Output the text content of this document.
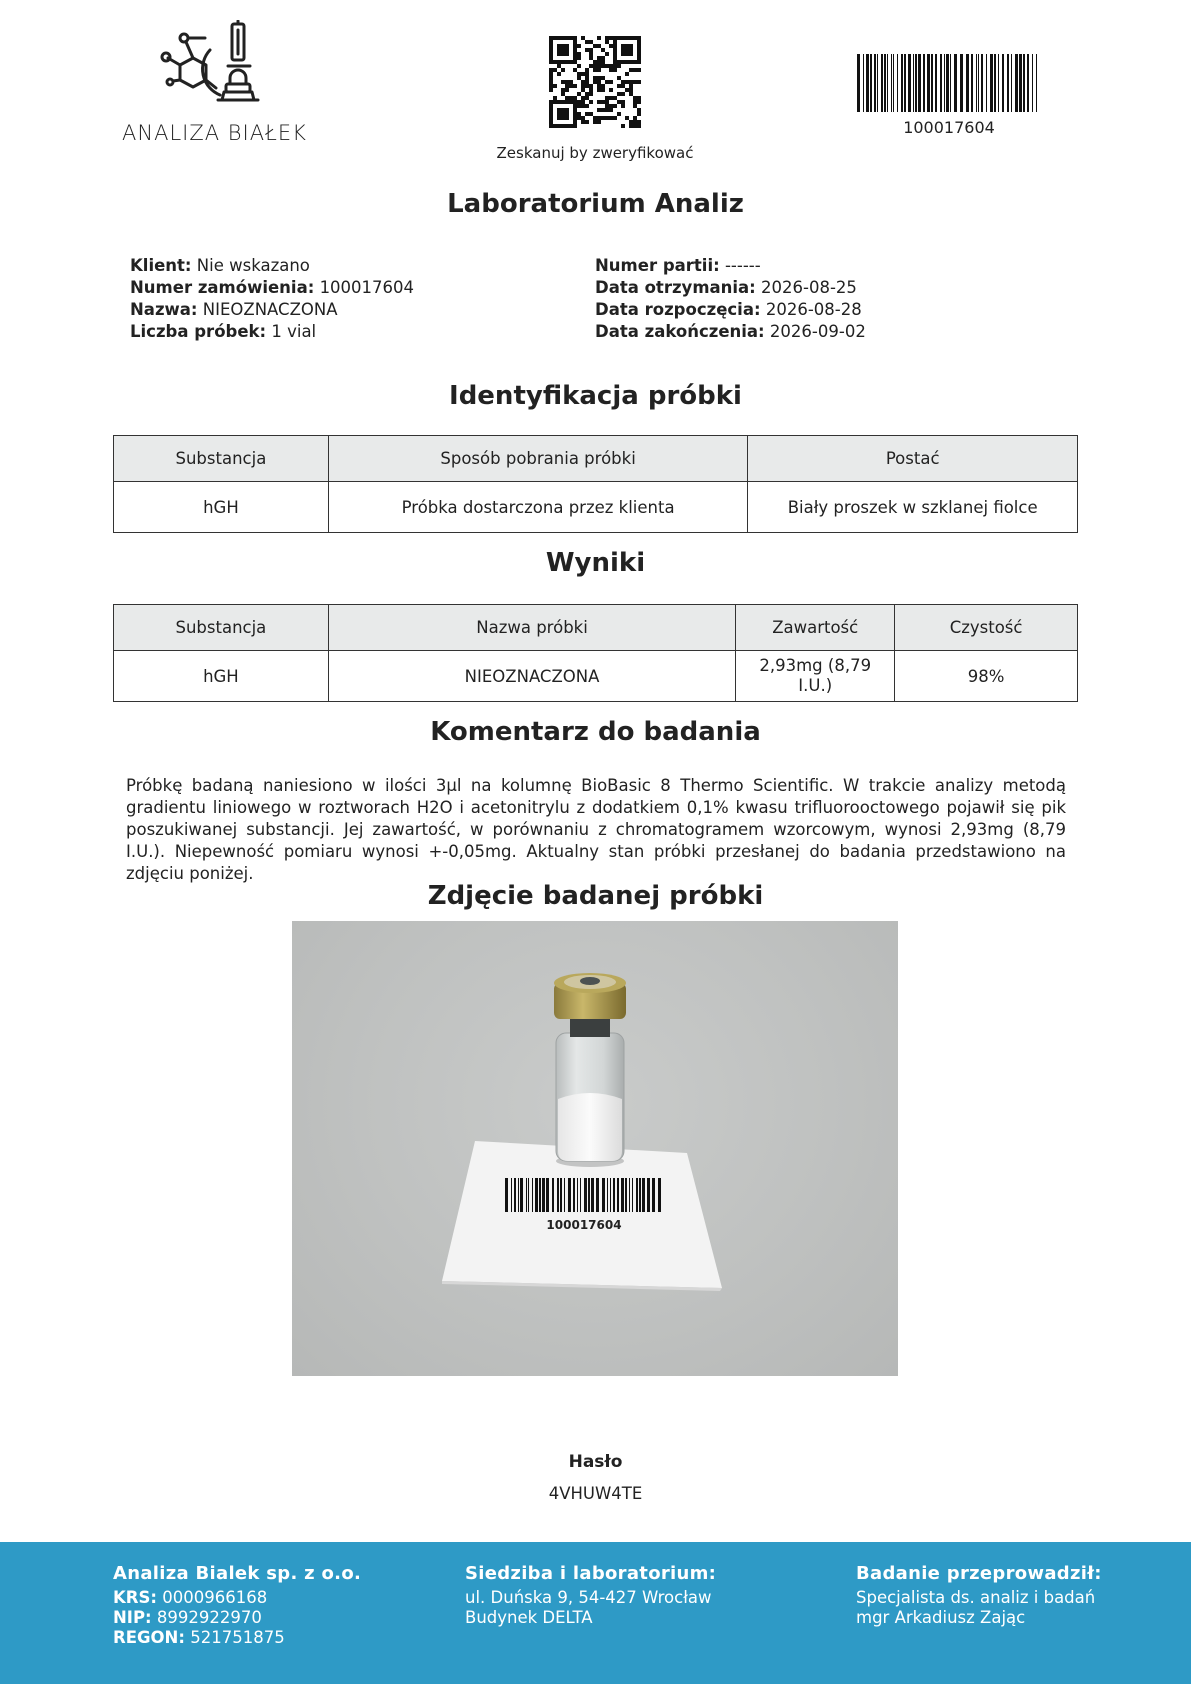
ANALIZA BIAŁEK
Zeskanuj by zweryfikować
100017604
Laboratorium Analiz
Klient: Nie wskazano
Numer zamówienia: 100017604
Nazwa: NIEOZNACZONA
Liczba próbek: 1 vial
Numer partii: ------
Data otrzymania: 2026-08-25
Data rozpoczęcia: 2026-08-28
Data zakończenia: 2026-09-02
Identyfikacja próbki
Substancja	Sposób pobrania próbki	Postać
hGH	Próbka dostarczona przez klienta	Biały proszek w szklanej fiolce
Wyniki
Substancja	Nazwa próbki	Zawartość	Czystość
hGH	NIEOZNACZONA	2,93mg (8,79 I.U.)	98%
Komentarz do badania
Próbkę badaną naniesiono w ilości 3µl na kolumnę BioBasic 8 Thermo Scientific. W trakcie analizy metodą gradientu liniowego w roztworach H2O i acetonitrylu z dodatkiem 0,1% kwasu trifluorooctowego pojawił się pik poszukiwanej substancji. Jej zawartość, w porównaniu z chromatogramem wzorcowym, wynosi 2,93mg (8,79 I.U.). Niepewność pomiaru wynosi +-0,05mg. Aktualny stan próbki przesłanej do badania przedstawiono na zdjęciu poniżej.
Zdjęcie badanej próbki
100017604
Hasło
4VHUW4TE
Analiza Bialek sp. z o.o.
KRS: 0000966168
NIP: 8992922970
REGON: 521751875
Siedziba i laboratorium:
ul. Duńska 9, 54-427 Wrocław
Budynek DELTA
Badanie przeprowadził:
Specjalista ds. analiz i badań
mgr Arkadiusz Zając
